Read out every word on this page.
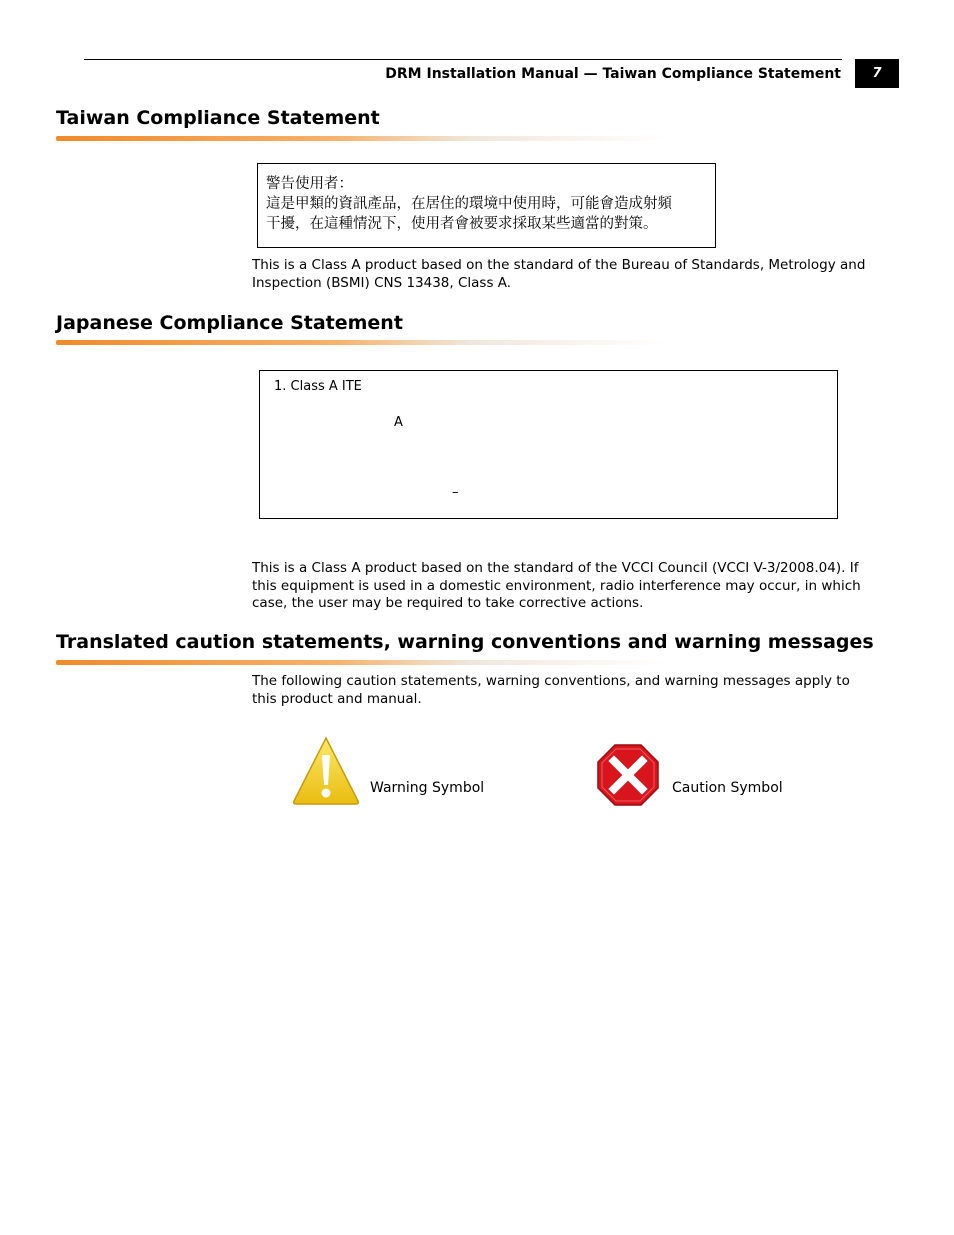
DRM Installation Manual — Taiwan Compliance Statement 7
Taiwan Compliance Statement
警告使用者：
這是甲類的資訊產品，在居住的環境中使用時，可能會造成射頻
干擾，在這種情況下，使用者會被要求採取某些適當的對策。
This is a Class A product based on the standard of the Bureau of Standards, Metrology and Inspection (BSMI) CNS 13438, Class A.
Japanese Compliance Statement
1. Class A ITE
A
–
This is a Class A product based on the standard of the VCCI Council (VCCI V-3/2008.04). If this equipment is used in a domestic environment, radio interference may occur, in which case, the user may be required to take corrective actions.
Translated caution statements, warning conventions and warning messages
The following caution statements, warning conventions, and warning messages apply to this product and manual.
Warning Symbol	Caution Symbol
